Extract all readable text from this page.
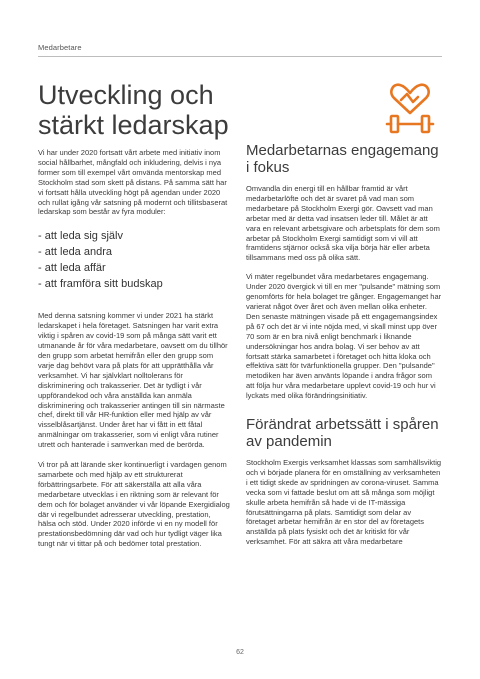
Medarbetare
Utveckling och stärkt ledarskap

Vi har under 2020 fortsatt vårt arbete med initiativ inom social hållbarhet, mångfald och inkludering, delvis i nya former som till exempel vårt omvända mentorskap med Stockholm stad som skett på distans. På samma sätt har vi fortsatt hålla utveckling högt på agendan under 2020 och rullat igång vår satsning på modernt och tillitsbaserat ledarskap som består av fyra moduler:

- att leda sig själv
- att leda andra
- att leda affär
- att framföra sitt budskap

Med denna satsning kommer vi under 2021 ha stärkt ledarskapet i hela företaget. Satsningen har varit extra viktig i spåren av covid-19 som på många sätt varit ett utmanande år för våra medarbetare, oavsett om du tillhör den grupp som arbetat hemifrån eller den grupp som varje dag behövt vara på plats för att upprätthålla vår verksamhet. Vi har självklart nolltolerans för diskriminering och trakasserier. Det är tydligt i vår uppförandekod och våra anställda kan anmäla diskriminering och trakasserier antingen till sin närmaste chef, direkt till vår HR-funktion eller med hjälp av vår visselblåsartjänst. Under året har vi fått in ett fåtal anmälningar om trakasserier, som vi enligt våra rutiner utrett och hanterade i samverkan med de berörda.

Vi tror på att lärande sker kontinuerligt i vardagen genom samarbete och med hjälp av ett strukturerat förbättringsarbete. För att säkerställa att alla våra medarbetare utvecklas i en riktning som är relevant för dem och för bolaget använder vi vår löpande Exergidialog där vi regelbundet adresserar utveckling, prestation, hälsa och stöd. Under 2020 införde vi en ny modell för prestationsbedömning där vad och hur tydligt väger lika tungt när vi tittar på och bedömer total prestation.

Medarbetarnas engagemang i fokus

Omvandla din energi till en hållbar framtid är vårt medarbetarlöfte och det är svaret på vad man som medarbetare på Stockholm Exergi gör. Oavsett vad man arbetar med är detta vad insatsen leder till. Målet är att vara en relevant arbetsgivare och arbetsplats för dem som arbetar på Stockholm Exergi samtidigt som vi vill att framtidens stjärnor också ska vilja börja här eller arbeta tillsammans med oss på olika sätt.

Vi mäter regelbundet våra medarbetares engagemang. Under 2020 övergick vi till en mer "pulsande" mätning som genomförts för hela bolaget tre gånger. Engagemanget har varierat något över året och även mellan olika enheter. Den senaste mätningen visade på ett engagemangsindex på 67 och det är vi inte nöjda med, vi skall minst upp över 70 som är en bra nivå enligt benchmark i liknande undersökningar hos andra bolag. Vi ser behov av att fortsatt stärka samarbetet i företaget och hitta kloka och effektiva sätt för tvärfunktionella grupper. Den "pulsande" metodiken har även använts löpande i andra frågor som att följa hur våra medarbetare upplevt covid-19 och hur vi lyckats med olika förändringsinitiativ.

Förändrat arbetssätt i spåren av pandemin

Stockholm Exergis verksamhet klassas som samhällsviktig och vi började planera för en omställning av verksamheten i ett tidigt skede av spridningen av corona-viruset. Samma vecka som vi fattade beslut om att så många som möjligt skulle arbeta hemifrån så hade vi de IT-mässiga förutsättningarna på plats. Samtidigt som delar av företaget arbetar hemifrån är en stor del av företagets anställda på plats fysiskt och det är kritiskt för vår verksamhet. För att säkra att våra medarbetare

62
